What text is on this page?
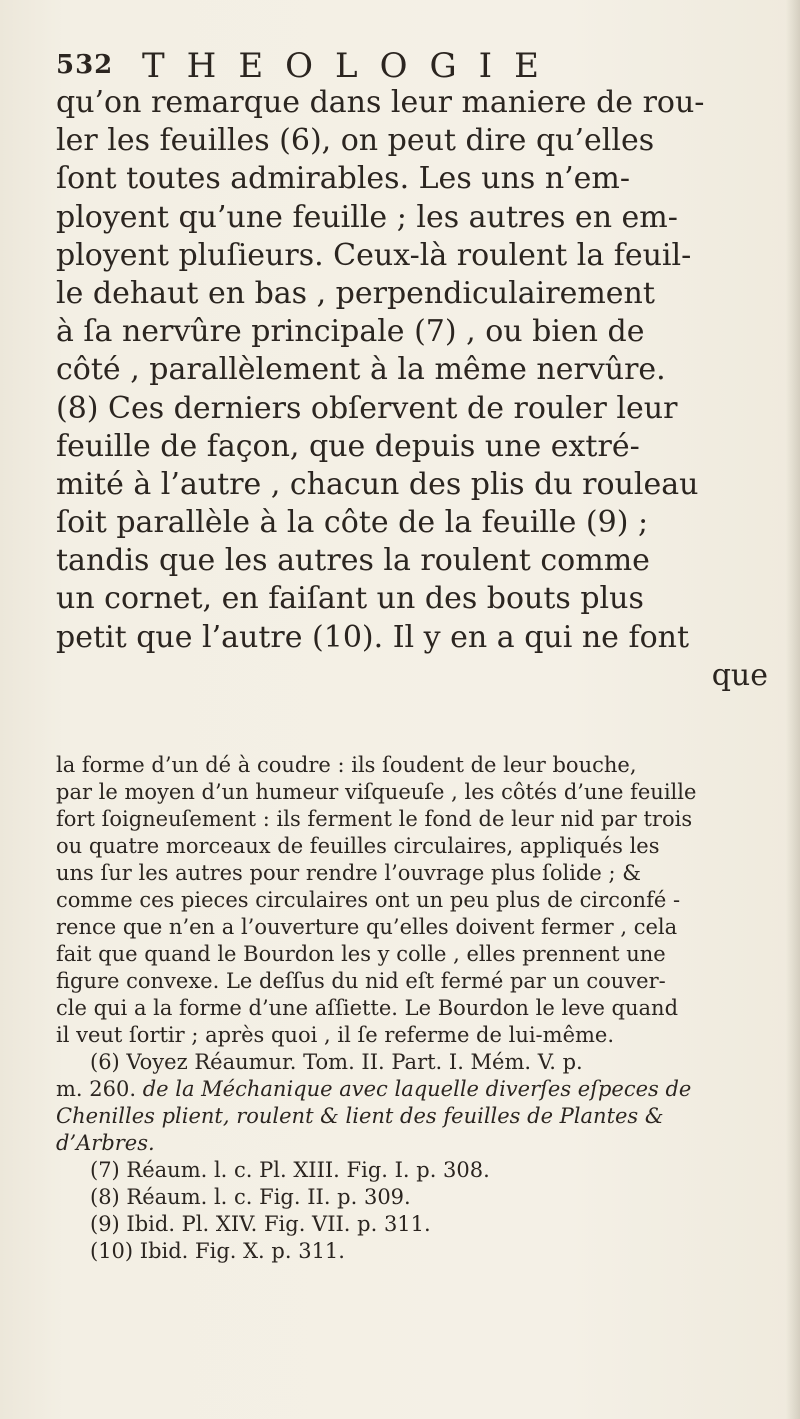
532 THEOLOGIE
qu’on remarque dans leur maniere de rou-
ler les feuilles (6), on peut dire qu’elles
ſont toutes admirables. Les uns n’em-
ployent qu’une feuille ; les autres en em-
ployent pluſieurs. Ceux-là roulent la feuil-
le dehaut en bas , perpendiculairement
à ſa nervûre principale (7) , ou bien de
côté , parallèlement à la même nervûre.
(8) Ces derniers obſervent de rouler leur
feuille de façon, que depuis une extré-
mité à l’autre , chacun des plis du rouleau
ſoit parallèle à la côte de la feuille (9) ;
tandis que les autres la roulent comme
un cornet, en faiſant un des bouts plus
petit que l’autre (10). Il y en a qui ne font
que
la forme d’un dé à coudre : ils ſoudent de leur bouche,
par le moyen d’un humeur viſqueuſe , les côtés d’une feuille
fort ſoigneuſement : ils ferment le fond de leur nid par trois
ou quatre morceaux de feuilles circulaires, appliqués les
uns ſur les autres pour rendre l’ouvrage plus ſolide ; &
comme ces pieces circulaires ont un peu plus de circonfé -
rence que n’en a l’ouverture qu’elles doivent fermer , cela
fait que quand le Bourdon les y colle , elles prennent une
figure convexe. Le deſſus du nid eſt fermé par un couver-
cle qui a la forme d’une aſſiette. Le Bourdon le leve quand
il veut ſortir ; après quoi , il ſe referme de lui-même.
(6) Voyez Réaumur. Tom. II. Part. I. Mém. V. p.
m. 260. de la Méchanique avec laquelle diverſes eſpeces de
Chenilles plient, roulent & lient des feuilles de Plantes &
d’Arbres.
(7) Réaum. l. c. Pl. XIII. Fig. I. p. 308.
(8) Réaum. l. c. Fig. II. p. 309.
(9) Ibid. Pl. XIV. Fig. VII. p. 311.
(10) Ibid. Fig. X. p. 311.
